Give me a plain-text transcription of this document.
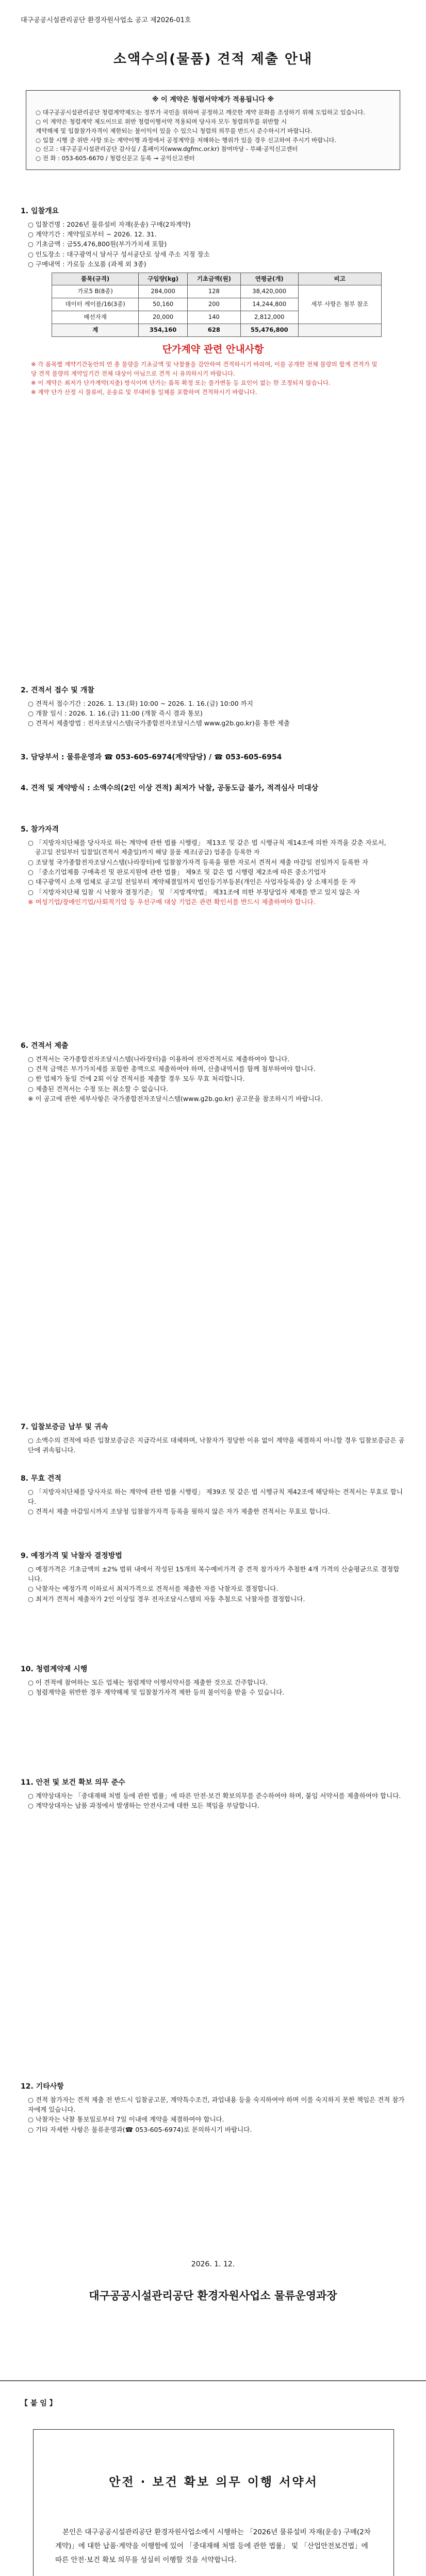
대구공공시설관리공단 환경자원사업소 공고 제2026-01호
소액수의(물품) 견적 제출 안내
※ 이 계약은 청렴서약제가 적용됩니다 ※
○ 대구공공시설관리공단 청렴계약제도는 정부가 국민을 위하여 공정하고 깨끗한 계약 문화를 조성하기 위해 도입하고 있습니다.
○ 이 계약은 청렴계약 제도이므로 위반 청렴이행서약 적용되며 당사자 모두 청렴의무를 위반할 시
계약해제 및 입찰참가자격이 제한되는 불이익이 있을 수 있으니 청렴의 의무를 반드시 준수하시기 바랍니다.
○ 입찰 시행 중 위반 사항 또는 계약이행 과정에서 공정계약을 저해하는 행위가 있을 경우 신고하여 주시기 바랍니다.
○ 신고 : 대구공공시설관리공단 감사실 / 홈페이지(www.dgfmc.or.kr) 참여마당 - 부패·공익신고센터
○ 전 화 : 053-605-6670 / 청렴신문고 등록 → 공익신고센터
1. 입찰개요
○ 입찰건명 : 2026년 물류설비 자재(운송) 구매(2차계약)
○ 계약기간 : 계약일로부터 ~ 2026. 12. 31.
○ 기초금액 : 금55,476,800원(부가가치세 포함)
○ 인도장소 : 대구광역시 달서구 성서공단로 상세 주소 지정 장소
○ 구매내역 : 가로등 소모품 (과제 외 3종)
품목(규격)	구입량(kg)	기초금액(원)	연평균(개)	비고
가로5 B(8종)	284,000	128	38,420,000	세부 사항은 첨부 참조
데이터 케이블/16(3종)	50,160	200	14,244,800	
배선자재	20,000	140	2,812,000	
계	354,160	628	55,476,800	
단가계약 관련 안내사항
※ 각 품목별 계약기간동안의 연 총 물량을 기초금액 및 낙찰률을 감안하여 견적하시기 바라며, 이를 공개한 전체 물량의 합계 견적가 및
당 견적 물량의 계약일기간 전체 대상이 아님으로 견적 시 유의하시기 바랍니다.
※ 이 계약은 최저가 단가계약(지출) 방식이며 단가는 품목 확정 또는 물가변동 등 요인이 없는 한 조정되지 않습니다.
※ 계약 단가 산정 시 물류비, 운송료 및 부대비용 일체를 포함하여 견적하시기 바랍니다.
2. 견적서 접수 및 개찰
○ 견적서 접수기간 : 2026. 1. 13.(화) 10:00 ~ 2026. 1. 16.(금) 10:00 까지
○ 개찰 일시 : 2026. 1. 16.(금) 11:00 (개찰 즉시 결과 통보)
○ 견적서 제출방법 : 전자조달시스템(국가종합전자조달시스템 www.g2b.go.kr)을 통한 제출
3. 담당부서 : 물류운영과 ☎ 053-605-6974(계약담당) / ☎ 053-605-6954
4. 견적 및 계약방식 : 소액수의(2인 이상 견적) 최저가 낙찰, 공동도급 불가, 적격심사 미대상
5. 참가자격
○ 「지방자치단체를 당사자로 하는 계약에 관한 법률 시행령」 제13조 및 같은 법 시행규칙 제14조에 의한 자격을 갖춘 자로서,
공고일 전일부터 입찰일(견적서 제출일)까지 해당 물품 제조(공급) 업종을 등록한 자
○ 조달청 국가종합전자조달시스템(나라장터)에 입찰참가자격 등록을 필한 자로서 견적서 제출 마감일 전일까지 등록한 자
○ 「중소기업제품 구매촉진 및 판로지원에 관한 법률」 제9조 및 같은 법 시행령 제2조에 따른 중소기업자
○ 대구광역시 소재 업체로 공고일 전일부터 계약체결일까지 법인등기부등본(개인은 사업자등록증) 상 소재지를 둔 자
○ 「지방자치단체 입찰 시 낙찰자 결정기준」 및 「지방계약법」 제31조에 의한 부정당업자 제재를 받고 있지 않은 자
※ 여성기업/장애인기업/사회적기업 등 우선구매 대상 기업은 관련 확인서를 반드시 제출하여야 합니다.
6. 견적서 제출
○ 견적서는 국가종합전자조달시스템(나라장터)을 이용하여 전자견적서로 제출하여야 합니다.
○ 견적 금액은 부가가치세를 포함한 총액으로 제출하여야 하며, 산출내역서를 함께 첨부하여야 합니다.
○ 한 업체가 동일 건에 2회 이상 견적서를 제출할 경우 모두 무효 처리합니다.
○ 제출된 견적서는 수정 또는 취소할 수 없습니다.
※ 이 공고에 관한 세부사항은 국가종합전자조달시스템(www.g2b.go.kr) 공고문을 참조하시기 바랍니다.
7. 입찰보증금 납부 및 귀속
○ 소액수의 견적에 따른 입찰보증금은 지급각서로 대체하며, 낙찰자가 정당한 이유 없이 계약을 체결하지 아니할 경우 입찰보증금은 공단에 귀속됩니다.
8. 무효 견적
○ 「지방자치단체를 당사자로 하는 계약에 관한 법률 시행령」 제39조 및 같은 법 시행규칙 제42조에 해당하는 견적서는 무효로 합니다.
○ 견적서 제출 마감일시까지 조달청 입찰참가자격 등록을 필하지 않은 자가 제출한 견적서는 무효로 합니다.
9. 예정가격 및 낙찰자 결정방법
○ 예정가격은 기초금액의 ±2% 범위 내에서 작성된 15개의 복수예비가격 중 견적 참가자가 추첨한 4개 가격의 산술평균으로 결정합니다.
○ 낙찰자는 예정가격 이하로서 최저가격으로 견적서를 제출한 자를 낙찰자로 결정합니다.
○ 최저가 견적서 제출자가 2인 이상일 경우 전자조달시스템의 자동 추첨으로 낙찰자를 결정합니다.
10. 청렴계약제 시행
○ 이 견적에 참여하는 모든 업체는 청렴계약 이행서약서를 제출한 것으로 간주합니다.
○ 청렴계약을 위반한 경우 계약해제 및 입찰참가자격 제한 등의 불이익을 받을 수 있습니다.
11. 안전 및 보건 확보 의무 준수
○ 계약상대자는 「중대재해 처벌 등에 관한 법률」에 따른 안전·보건 확보의무를 준수하여야 하며, 붙임 서약서를 제출하여야 합니다.
○ 계약상대자는 납품 과정에서 발생하는 안전사고에 대한 모든 책임을 부담합니다.
12. 기타사항
○ 견적 참가자는 견적 제출 전 반드시 입찰공고문, 계약특수조건, 과업내용 등을 숙지하여야 하며 이를 숙지하지 못한 책임은 견적 참가자에게 있습니다.
○ 낙찰자는 낙찰 통보일로부터 7일 이내에 계약을 체결하여야 합니다.
○ 기타 자세한 사항은 물류운영과(☎ 053-605-6974)로 문의하시기 바랍니다.
2026. 1. 12.
대구공공시설관리공단 환경자원사업소 물류운영과장
【 붙 임 】
안전 · 보건 확보 의무 이행 서약서

본인은 대구공공시설관리공단 환경자원사업소에서 시행하는 「2026년 물류설비 자재(운송) 구매(2차계약)」에 대한 납품·계약을 이행함에 있어 「중대재해 처벌 등에 관한 법률」 및 「산업안전보건법」에 따른 안전·보건 확보 의무를 성실히 이행할 것을 서약합니다.
